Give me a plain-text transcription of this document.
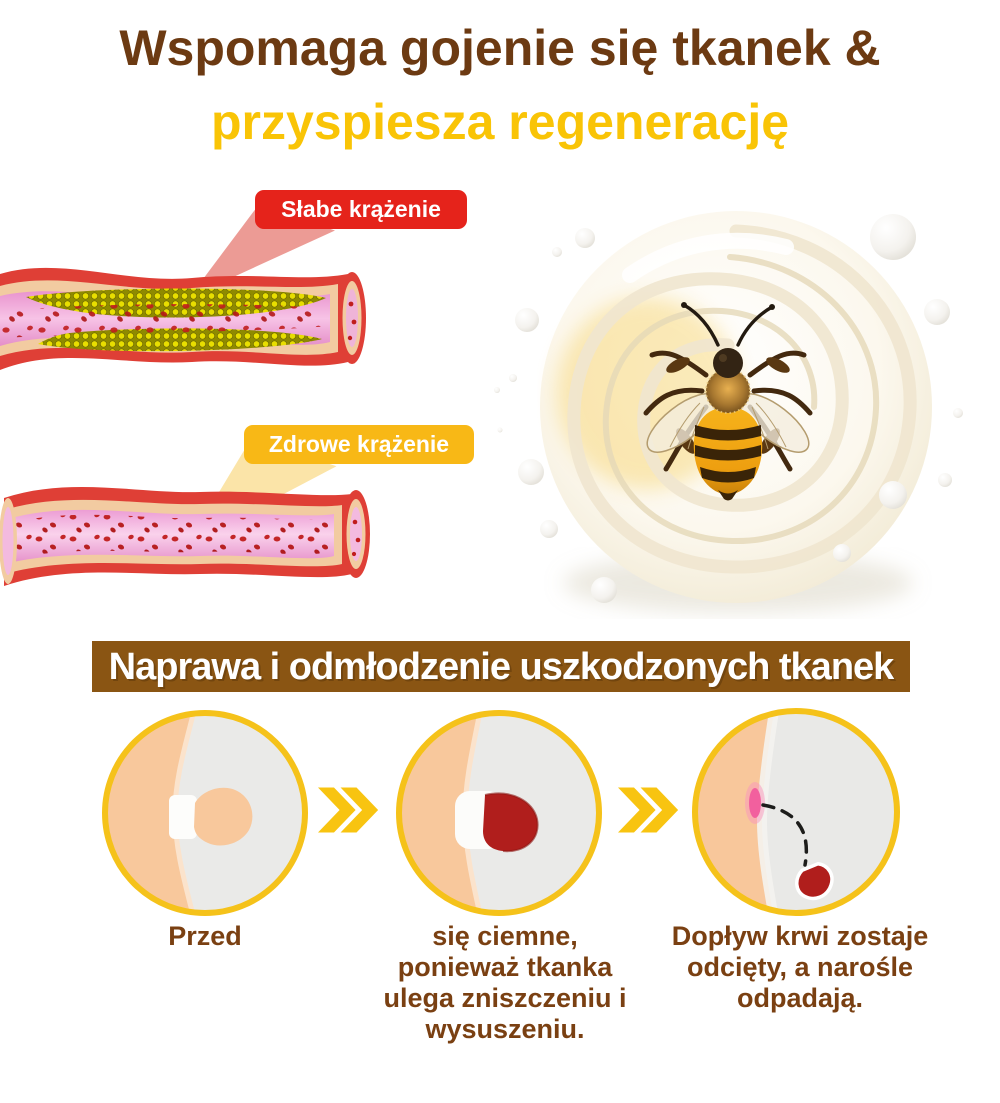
Wspomaga gojenie się tkanek &
przyspiesza regenerację
Słabe krążenie krwi
Zdrowe krążenie krwi
Naprawa i odmłodzenie uszkodzonych tkanek
Przed	się ciemne,
ponieważ tkanka
ulega zniszczeniu i
wysuszeniu.
Dopływ krwi zostaje
odcięty, a narośle
odpadają.
